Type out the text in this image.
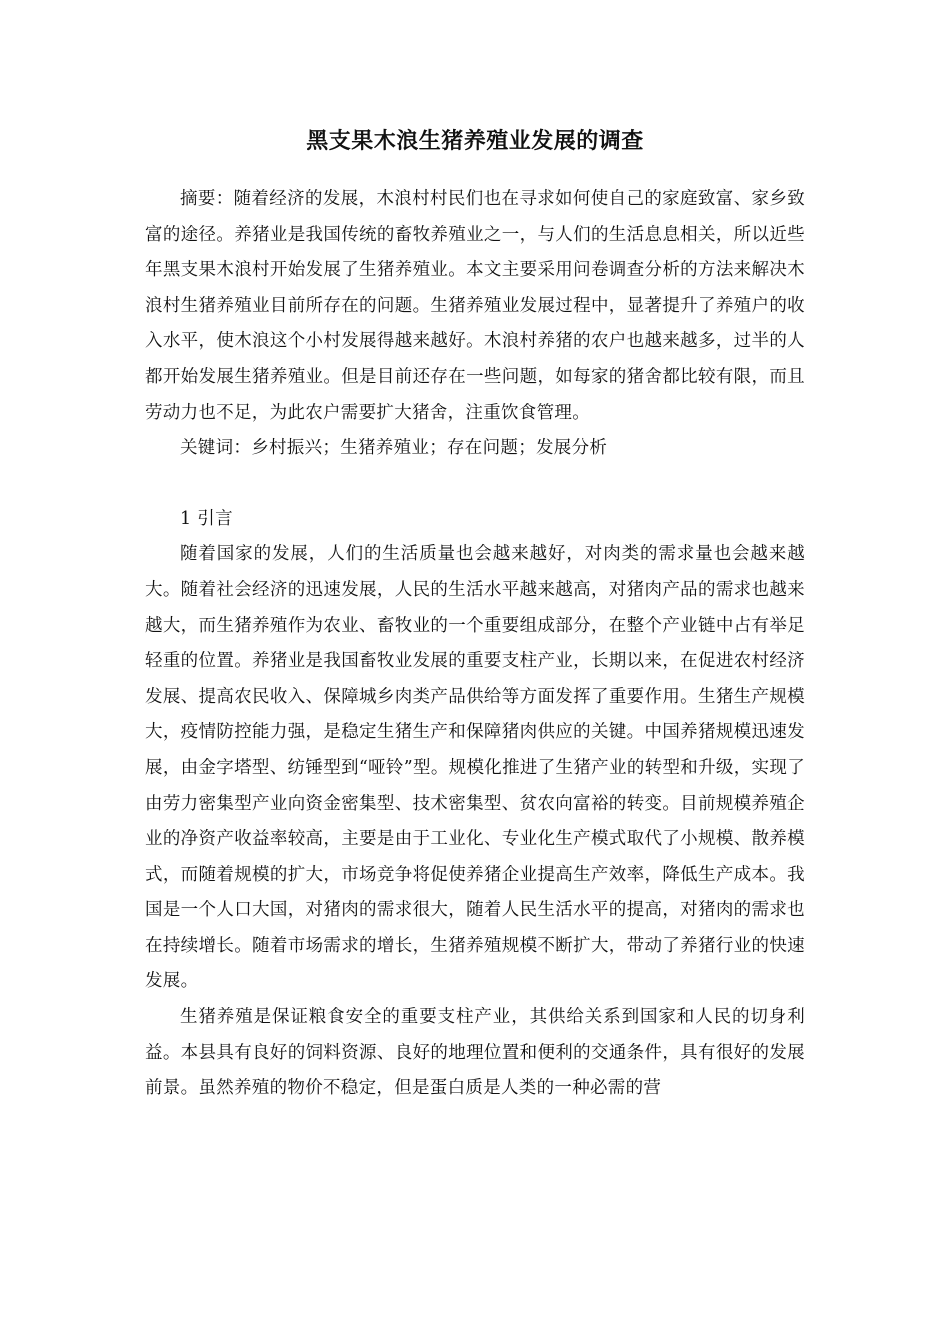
黑支果木浪生猪养殖业发展的调查

摘要：随着经济的发展，木浪村村民们也在寻求如何使自己的家庭致富、家乡致富的途径。养猪业是我国传统的畜牧养殖业之一，与人们的生活息息相关，所以近些年黑支果木浪村开始发展了生猪养殖业。本文主要采用问卷调查分析的方法来解决木浪村生猪养殖业目前所存在的问题。生猪养殖业发展过程中，显著提升了养殖户的收入水平，使木浪这个小村发展得越来越好。木浪村养猪的农户也越来越多，过半的人都开始发展生猪养殖业。但是目前还存在一些问题，如每家的猪舍都比较有限，而且劳动力也不足，为此农户需要扩大猪舍，注重饮食管理。

关键词：乡村振兴；生猪养殖业；存在问题；发展分析

1 引言

随着国家的发展，人们的生活质量也会越来越好，对肉类的需求量也会越来越大。随着社会经济的迅速发展，人民的生活水平越来越高，对猪肉产品的需求也越来越大，而生猪养殖作为农业、畜牧业的一个重要组成部分，在整个产业链中占有举足轻重的位置。养猪业是我国畜牧业发展的重要支柱产业，长期以来，在促进农村经济发展、提高农民收入、保障城乡肉类产品供给等方面发挥了重要作用。生猪生产规模大，疫情防控能力强，是稳定生猪生产和保障猪肉供应的关键。中国养猪规模迅速发展，由金字塔型、纺锤型到“哑铃”型。规模化推进了生猪产业的转型和升级，实现了由劳力密集型产业向资金密集型、技术密集型、贫农向富裕的转变。目前规模养殖企业的净资产收益率较高，主要是由于工业化、专业化生产模式取代了小规模、散养模式，而随着规模的扩大，市场竞争将促使养猪企业提高生产效率，降低生产成本。我国是一个人口大国，对猪肉的需求很大，随着人民生活水平的提高，对猪肉的需求也在持续增长。随着市场需求的增长，生猪养殖规模不断扩大，带动了养猪行业的快速发展。

生猪养殖是保证粮食安全的重要支柱产业，其供给关系到国家和人民的切身利益。本县具有良好的饲料资源、良好的地理位置和便利的交通条件，具有很好的发展前景。虽然养殖的物价不稳定，但是蛋白质是人类的一种必需的营
